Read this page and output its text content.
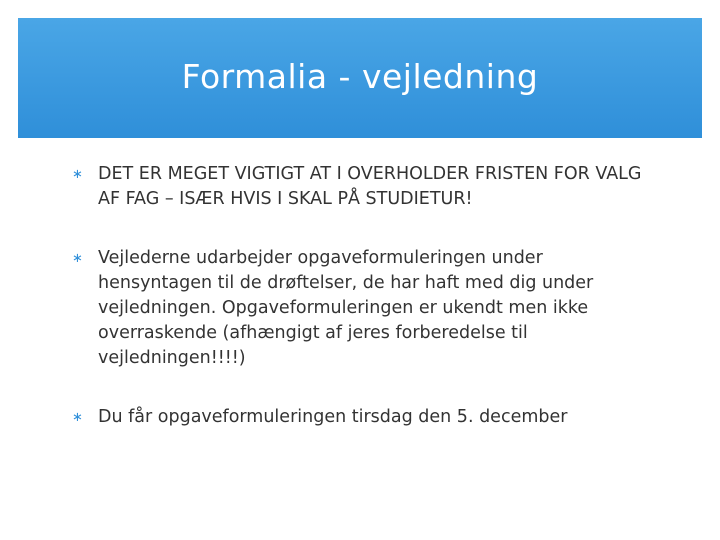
Formalia - vejledning
∗ DET ER MEGET VIGTIGT AT I OVERHOLDER FRISTEN FOR VALG AF FAG – ISÆR HVIS I SKAL PÅ STUDIETUR!
∗ Vejlederne udarbejder opgaveformuleringen under hensyntagen til de drøftelser, de har haft med dig under vejledningen. Opgaveformuleringen er ukendt men ikke overraskende (afhængigt af jeres forberedelse til vejledningen!!!!)
∗ Du får opgaveformuleringen tirsdag den 5. december
